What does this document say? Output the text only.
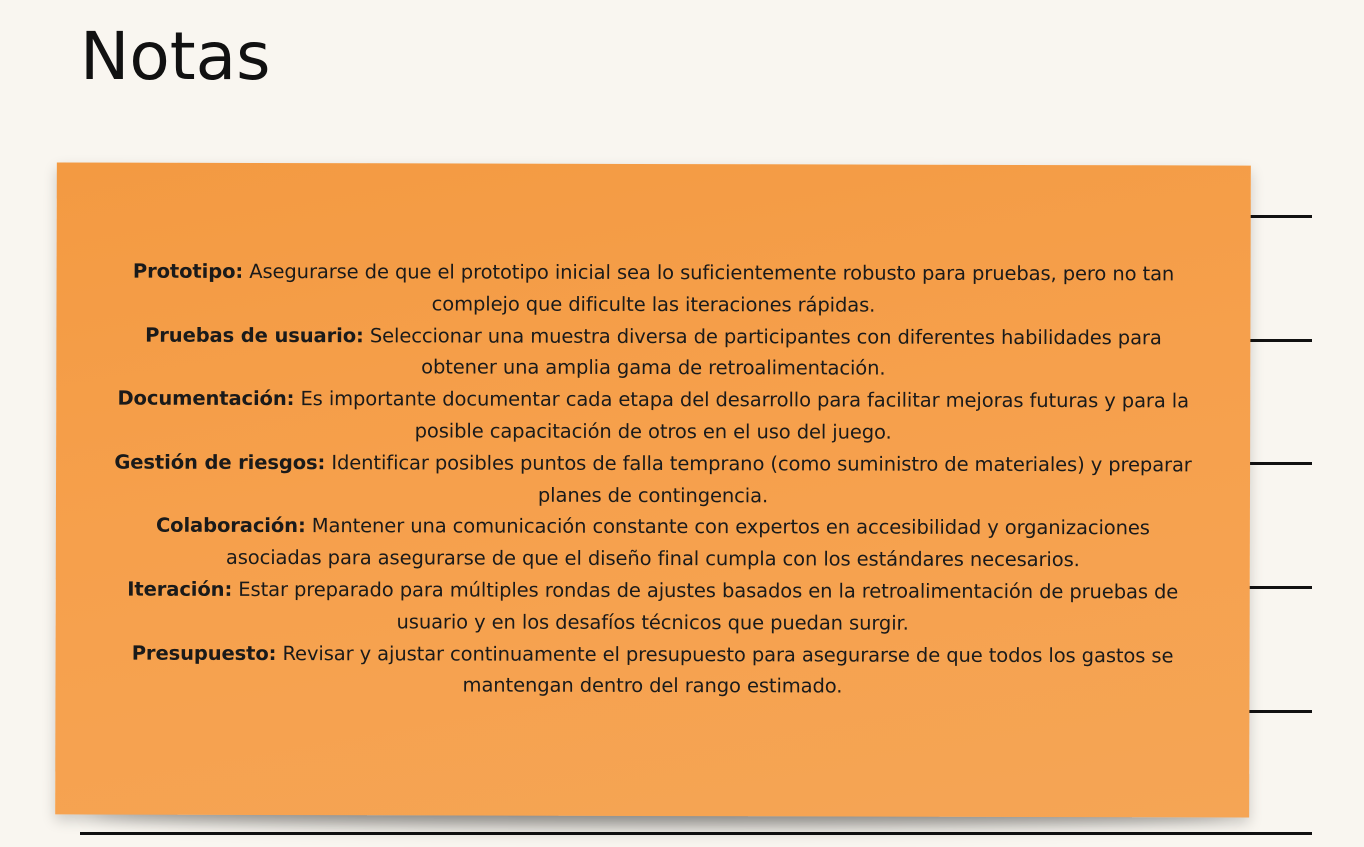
Notas

Prototipo: Asegurarse de que el prototipo inicial sea lo suficientemente robusto para pruebas, pero no tan complejo que dificulte las iteraciones rápidas.

Pruebas de usuario: Seleccionar una muestra diversa de participantes con diferentes habilidades para obtener una amplia gama de retroalimentación.

Documentación: Es importante documentar cada etapa del desarrollo para facilitar mejoras futuras y para la posible capacitación de otros en el uso del juego.

Gestión de riesgos: Identificar posibles puntos de falla temprano (como suministro de materiales) y preparar planes de contingencia.

Colaboración: Mantener una comunicación constante con expertos en accesibilidad y organizaciones asociadas para asegurarse de que el diseño final cumpla con los estándares necesarios.

Iteración: Estar preparado para múltiples rondas de ajustes basados en la retroalimentación de pruebas de usuario y en los desafíos técnicos que puedan surgir.

Presupuesto: Revisar y ajustar continuamente el presupuesto para asegurarse de que todos los gastos se mantengan dentro del rango estimado.
